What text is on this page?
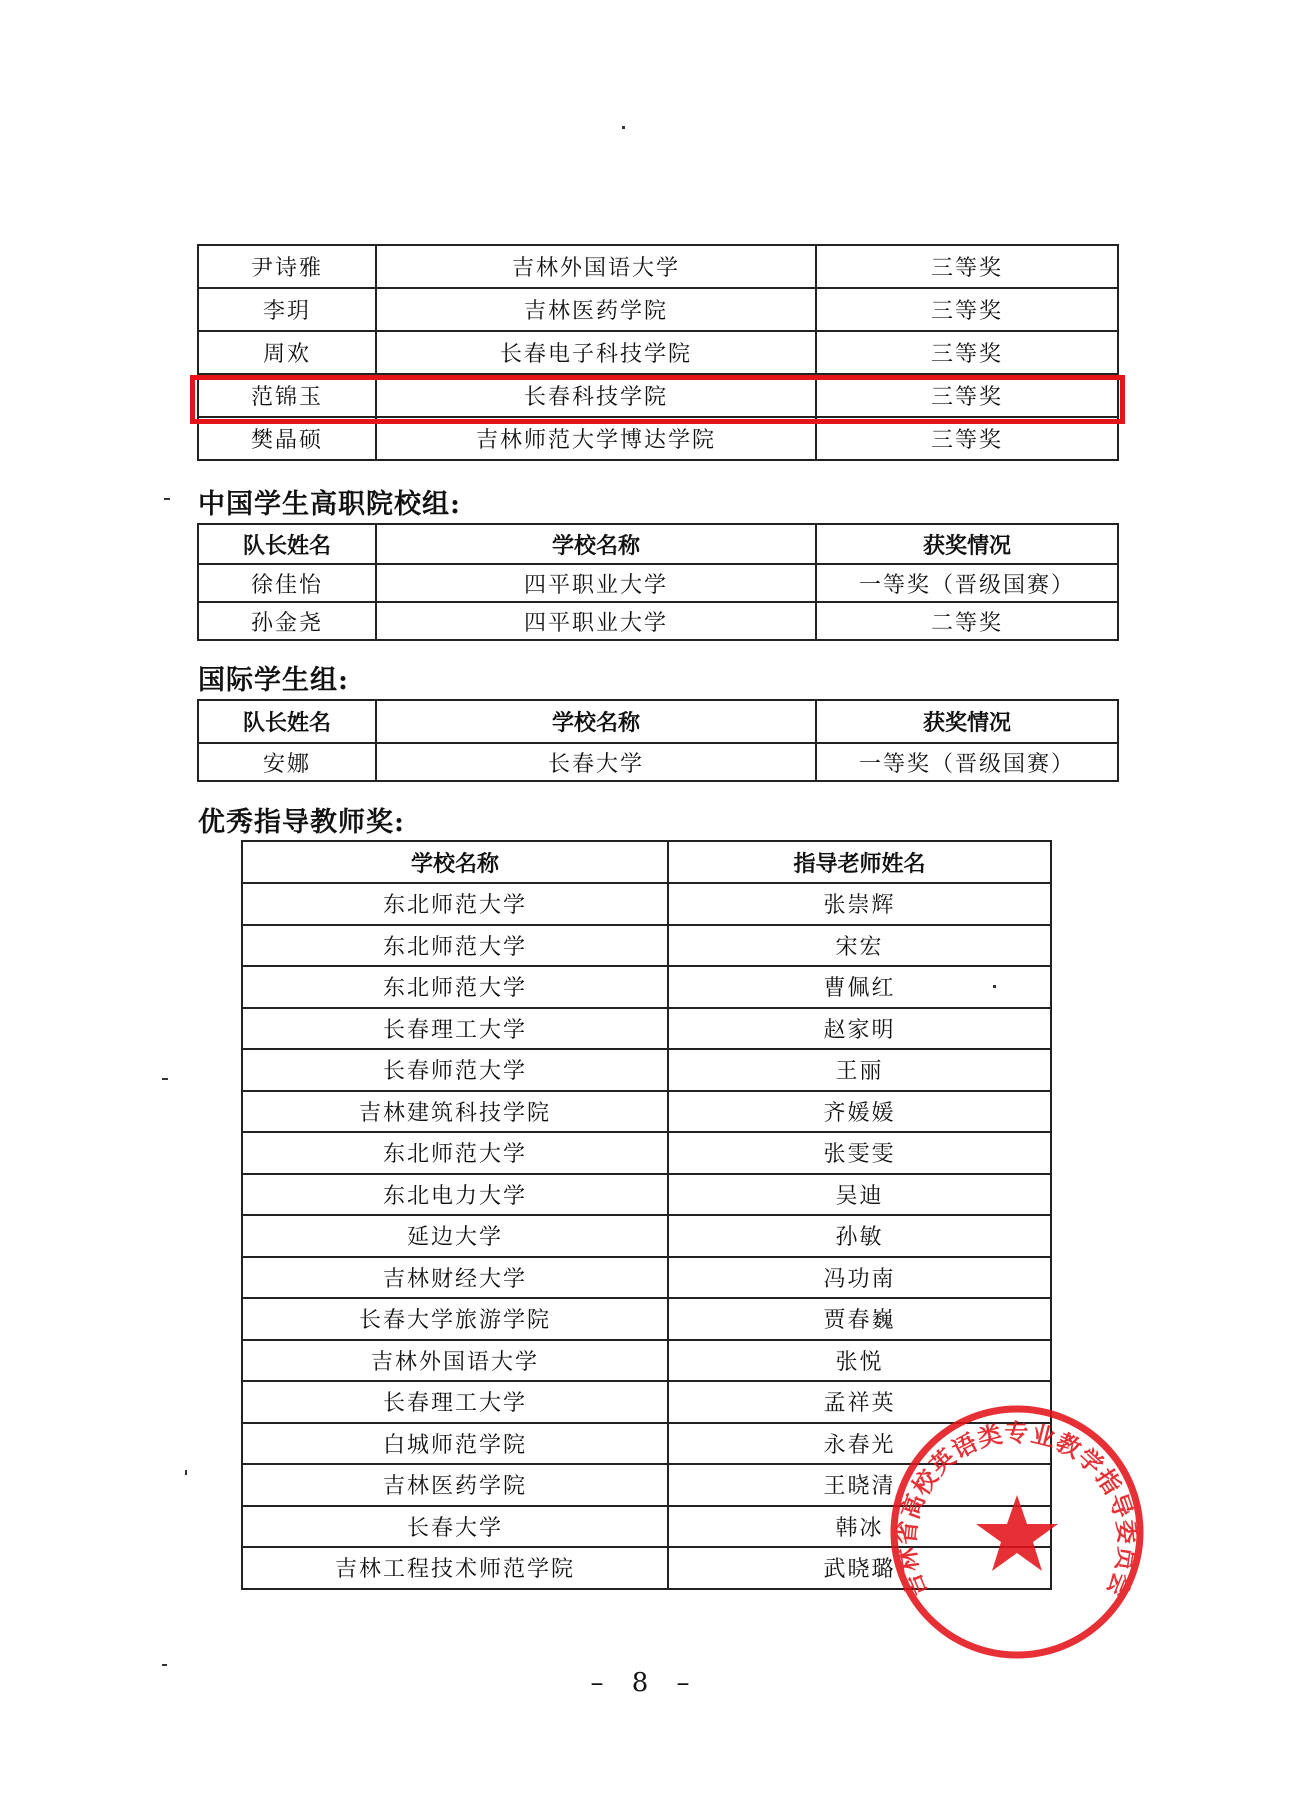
尹诗雅	吉林外国语大学	三等奖
李玥	吉林医药学院	三等奖
周欢	长春电子科技学院	三等奖
范锦玉	长春科技学院	三等奖
樊晶硕	吉林师范大学博达学院	三等奖
中国学生高职院校组:
队长姓名	学校名称	获奖情况
徐佳怡	四平职业大学	一等奖（晋级国赛）
孙金尧	四平职业大学	二等奖
国际学生组:
队长姓名	学校名称	获奖情况
安娜	长春大学	一等奖（晋级国赛）
优秀指导教师奖:
学校名称	指导老师姓名
东北师范大学	张崇辉
东北师范大学	宋宏
东北师范大学	曹佩红
长春理工大学	赵家明
长春师范大学	王丽
吉林建筑科技学院	齐媛媛
东北师范大学	张雯雯
东北电力大学	吴迪
延边大学	孙敏
吉林财经大学	冯功南
长春大学旅游学院	贾春巍
吉林外国语大学	张悦
长春理工大学	孟祥英
白城师范学院	永春光
吉林医药学院	王晓清
长春大学	韩冰
吉林工程技术师范学院	武晓璐 吉林省高校英语类专业教学指导委员会
– 8 –
